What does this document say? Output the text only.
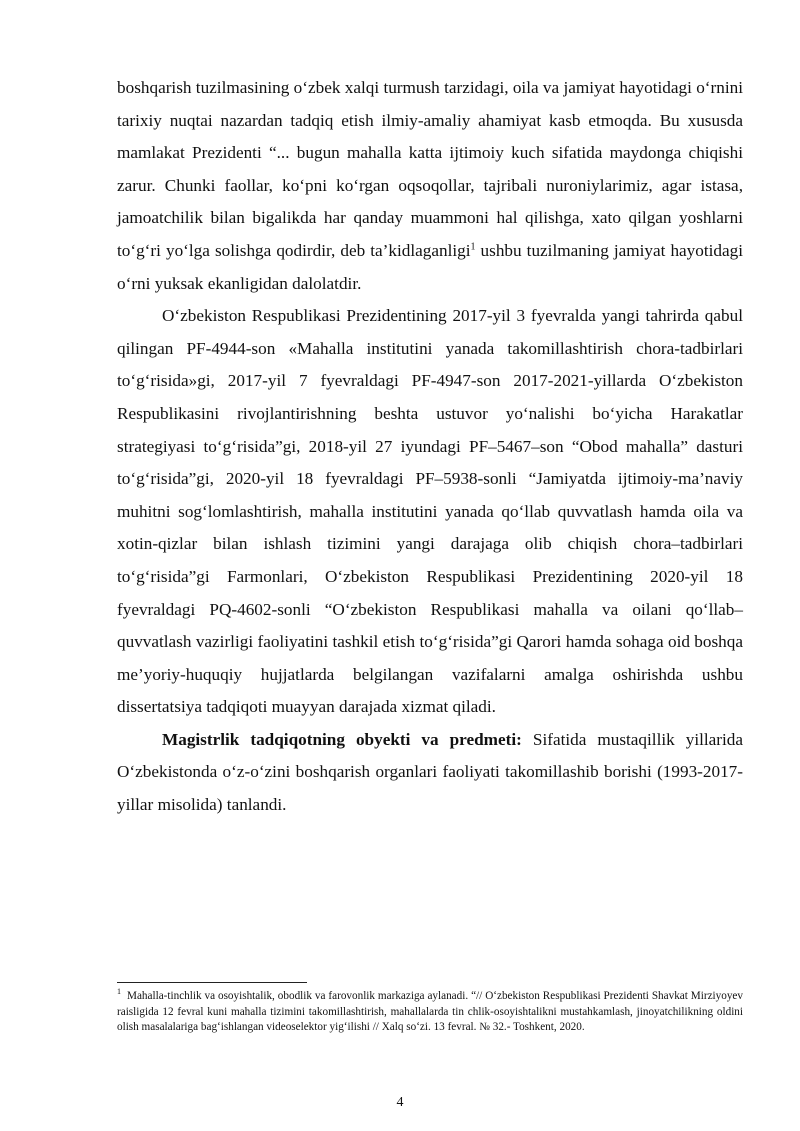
boshqarish tuzilmasining o‘zbek xalqi turmush tarzidagi, oila va jamiyat hayotidagi o‘rnini tarixiy nuqtai nazardan tadqiq etish ilmiy-amaliy ahamiyat kasb etmoqda. Bu xususda mamlakat Prezidenti “... bugun mahalla katta ijtimoiy kuch sifatida maydonga chiqishi zarur. Chunki faollar, ko‘pni ko‘rgan oqsoqollar, tajribali nuroniylarimiz, agar istasa, jamoatchilik bilan bigalikda har qanday muammoni hal qilishga, xato qilgan yoshlarni to‘g‘ri yo‘lga solishga qodirdir, deb ta’kidlaganligi$^1$ ushbu tuzilmaning jamiyat hayotidagi o‘rni yuksak ekanligidan dalolatdir.

O‘zbekiston Respublikasi Prezidentining 2017-yil 3 fyevralda yangi tahrirda qabul qilingan PF-4944-son «Mahalla institutini yanada takomillashtirish chora-tadbirlari to‘g‘risida»gi, 2017-yil 7 fyevraldagi PF-4947-son 2017-2021-yillarda O‘zbekiston Respublikasini rivojlantirishning beshta ustuvor yo‘nalishi bo‘yicha Harakatlar strategiyasi to‘g‘risida”gi, 2018-yil 27 iyundagi PF–5467–son “Obod mahalla” dasturi to‘g‘risida”gi, 2020-yil 18 fyevraldagi PF–5938-sonli “Jamiyatda ijtimoiy-ma’naviy muhitni sog‘lomlashtirish, mahalla institutini yanada qo‘llab quvvatlash hamda oila va xotin-qizlar bilan ishlash tizimini yangi darajaga olib chiqish chora–tadbirlari to‘g‘risida”gi Farmonlari, O‘zbekiston Respublikasi Prezidentining 2020-yil 18 fyevraldagi PQ-4602-sonli “O‘zbekiston Respublikasi mahalla va oilani qo‘llab–quvvatlash vazirligi faoliyatini tashkil etish to‘g‘risida”gi Qarori hamda sohaga oid boshqa me’yoriy-huquqiy hujjatlarda belgilangan vazifalarni amalga oshirishda ushbu dissertatsiya tadqiqoti muayyan darajada xizmat qiladi.

Magistrlik tadqiqotning obyekti va predmeti: Sifatida mustaqillik yillarida O‘zbekistonda o‘z-o‘zini boshqarish organlari faoliyati takomillashib borishi (1993-2017-yillar misolida) tanlandi.

$^1$ Mahalla-tinchlik va osoyishtalik, obodlik va farovonlik markaziga aylanadi. “// O‘zbekiston Respublikasi Prezidenti Shavkat Mirziyoyev raisligida 12 fevral kuni mahalla tizimini takomillashtirish, mahallalarda tin chlik-osoyishtalikni mustahkamlash, jinoyatchilikning oldini olish masalalariga bag‘ishlangan videoselektor yig‘ilishi // Xalq so‘zi. 13 fevral. № 32.- Toshkent, 2020.

4
